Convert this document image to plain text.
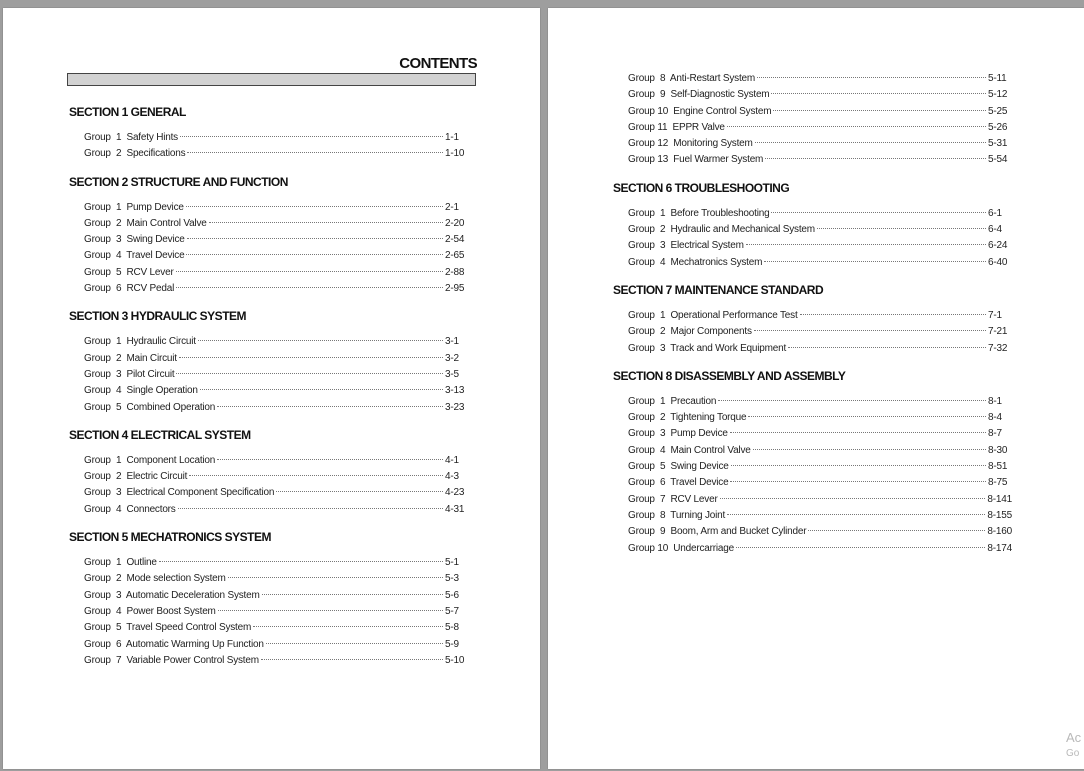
CONTENTS
SECTION 1 GENERAL
Group  1  Safety Hints	1-1
Group  2  Specifications	1-10
SECTION 2 STRUCTURE AND FUNCTION
Group  1  Pump Device	2-1
Group  2  Main Control Valve	2-20
Group  3  Swing Device	2-54
Group  4  Travel Device	2-65
Group  5  RCV Lever	2-88
Group  6  RCV Pedal	2-95
SECTION 3 HYDRAULIC SYSTEM
Group  1  Hydraulic Circuit	3-1
Group  2  Main Circuit	3-2
Group  3  Pilot Circuit	3-5
Group  4  Single Operation	3-13
Group  5  Combined Operation	3-23
SECTION 4 ELECTRICAL SYSTEM
Group  1  Component Location	4-1
Group  2  Electric Circuit	4-3
Group  3  Electrical Component Specification	4-23
Group  4  Connectors	4-31
SECTION 5 MECHATRONICS SYSTEM
Group  1  Outline	5-1
Group  2  Mode selection System	5-3
Group  3  Automatic Deceleration System	5-6
Group  4  Power Boost System	5-7
Group  5  Travel Speed Control System	5-8
Group  6  Automatic Warming Up Function	5-9
Group  7  Variable Power Control System	5-10
Group  8  Anti-Restart System	5-11
Group  9  Self-Diagnostic System	5-12
Group 10  Engine Control System	5-25
Group 11  EPPR Valve	5-26
Group 12  Monitoring System	5-31
Group 13  Fuel Warmer System	5-54
SECTION 6 TROUBLESHOOTING
Group  1  Before Troubleshooting	6-1
Group  2  Hydraulic and Mechanical System	6-4
Group  3  Electrical System	6-24
Group  4  Mechatronics System	6-40
SECTION 7 MAINTENANCE STANDARD
Group  1  Operational Performance Test	7-1
Group  2  Major Components	7-21
Group  3  Track and Work Equipment	7-32
SECTION 8 DISASSEMBLY AND ASSEMBLY
Group  1  Precaution	8-1
Group  2  Tightening Torque	8-4
Group  3  Pump Device	8-7
Group  4  Main Control Valve	8-30
Group  5  Swing Device	8-51
Group  6  Travel Device	8-75
Group  7  RCV Lever	8-141
Group  8  Turning Joint	8-155
Group  9  Boom, Arm and Bucket Cylinder	8-160
Group 10  Undercarriage	8-174
Ac
Go
